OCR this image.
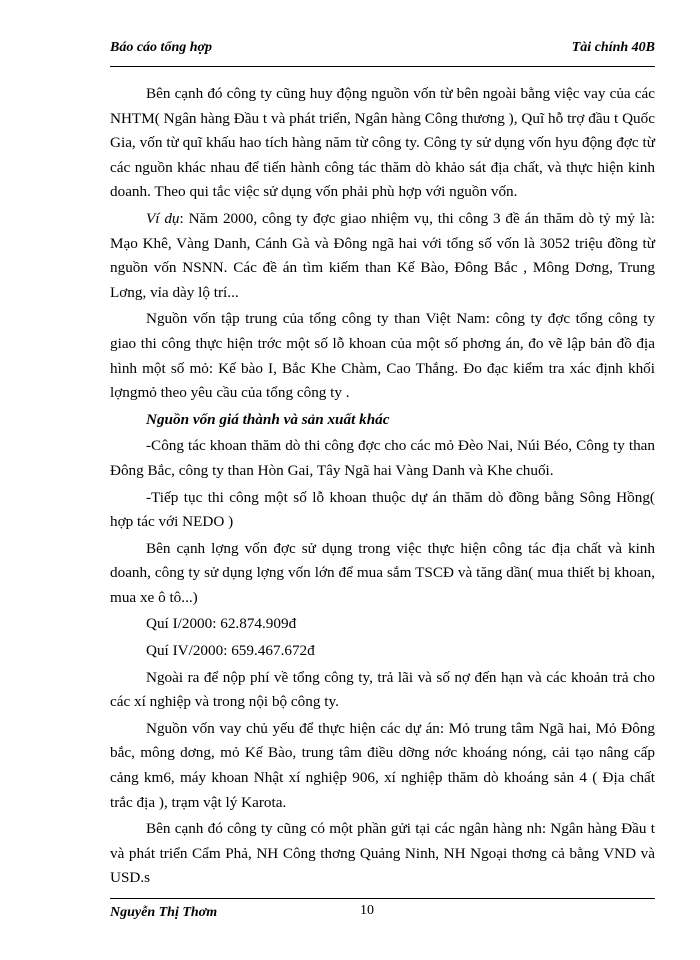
Báo cáo tổng hợp	Tài chính 40B

Bên cạnh đó công ty cũng huy động nguồn vốn từ bên ngoài bằng việc vay của các NHTM( Ngân hàng Đầu t và phát triển, Ngân hàng Công thương ), Quĩ hỗ trợ đầu t Quốc Gia, vốn từ quĩ khấu hao tích hàng năm từ công ty. Công ty sử dụng vốn hyu động đợc từ các nguồn khác nhau để tiến hành công tác thăm dò khảo sát địa chất, và thực hiện kinh doanh. Theo qui tắc việc sử dụng vốn phải phù hợp với nguồn vốn.

Ví dụ: Năm 2000, công ty đợc giao nhiệm vụ, thi công 3 đề án thăm dò tỷ mỷ là: Mạo Khê, Vàng Danh, Cánh Gà và Đông ngã hai với tổng số vốn là 3052 triệu đồng từ nguồn vốn NSNN. Các đề án tìm kiếm than Kế Bào, Đông Bắc , Mông Dơng, Trung Lơng, vỉa dày lộ trí...

Nguồn vốn tập trung của tổng công ty than Việt Nam: công ty đợc tổng công ty giao thi công thực hiện trớc một số lỗ khoan của một số phơng án, đo vẽ lập bản đồ địa hình một số mỏ: Kế bào I, Bắc Khe Chàm, Cao Thắng. Đo đạc kiểm tra xác định khối lợngmỏ theo yêu cầu của tổng công ty .

Nguồn vốn giá thành và sản xuất khác

-Công tác khoan thăm dò thi công đợc cho các mỏ Đèo Nai, Núi Béo, Công ty than Đông Bắc, công ty than Hòn Gai, Tây Ngã hai Vàng Danh và Khe chuối.

-Tiếp tục thi công một số lỗ khoan thuộc dự án thăm dò đồng bằng Sông Hồng( hợp tác với NEDO )

Bên cạnh lợng vốn đợc sử dụng trong việc thực hiện công tác địa chất và kinh doanh, công ty sử dụng lợng vốn lớn để mua sắm TSCĐ và tăng dần( mua thiết bị khoan, mua xe ô tô...)

Quí I/2000: 62.874.909đ

Quí IV/2000: 659.467.672đ

Ngoài ra để nộp phí về tổng công ty, trả lãi và số nợ đến hạn và các khoản trả cho các xí nghiệp và trong nội bộ công ty.

Nguồn vốn vay chủ yếu để thực hiện các dự án: Mỏ trung tâm Ngã hai, Mỏ Đông bắc, mông dơng, mỏ Kế Bào, trung tâm điều dỡng nớc khoáng nóng, cải tạo nâng cấp cảng km6, máy khoan Nhật xí nghiệp 906, xí nghiệp thăm dò khoáng sản 4 ( Địa chất trắc địa ), trạm vật lý Karota.

Bên cạnh đó công ty cũng có một phần gửi tại các ngân hàng nh: Ngân hàng Đầu t và phát triển Cẩm Phả, NH Công thơng Quảng Ninh, NH Ngoại thơng cả bằng VND và USD.s

Nguyễn Thị Thơm	10
